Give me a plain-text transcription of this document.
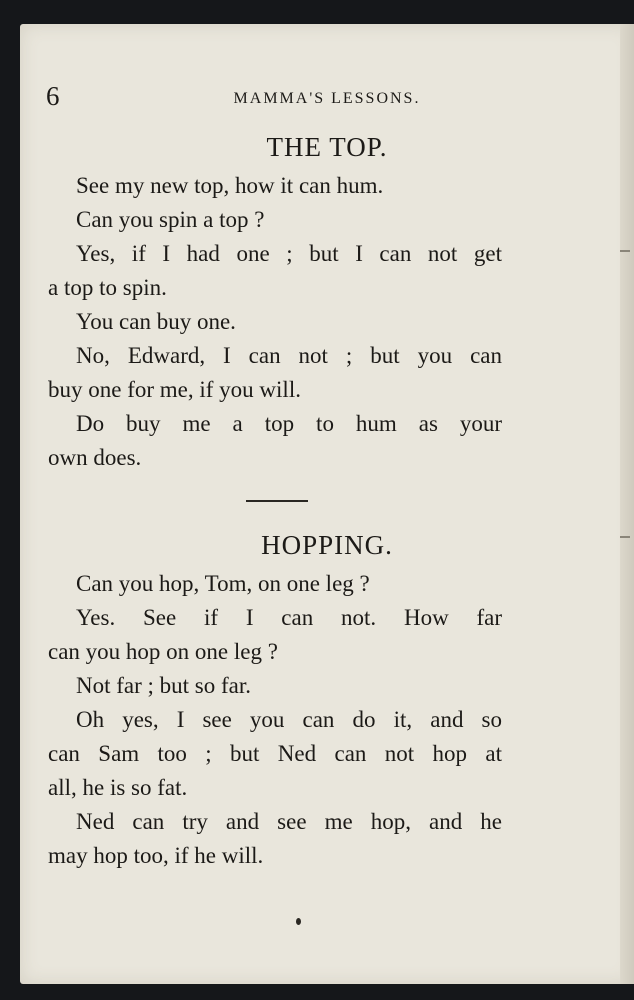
6	MAMMA'S LESSONS.
THE TOP.
See my new top, how it can hum.
Can you spin a top ?
Yes, if I had one ; but I can not get
a top to spin.
You can buy one.
No, Edward, I can not ; but you can
buy one for me, if you will.
Do buy me a top to hum as your
own does.
HOPPING.
Can you hop, Tom, on one leg ?
Yes. See if I can not. How far
can you hop on one leg ?
Not far ; but so far.
Oh yes, I see you can do it, and so
can Sam too ; but Ned can not hop at
all, he is so fat.
Ned can try and see me hop, and he
may hop too, if he will.
